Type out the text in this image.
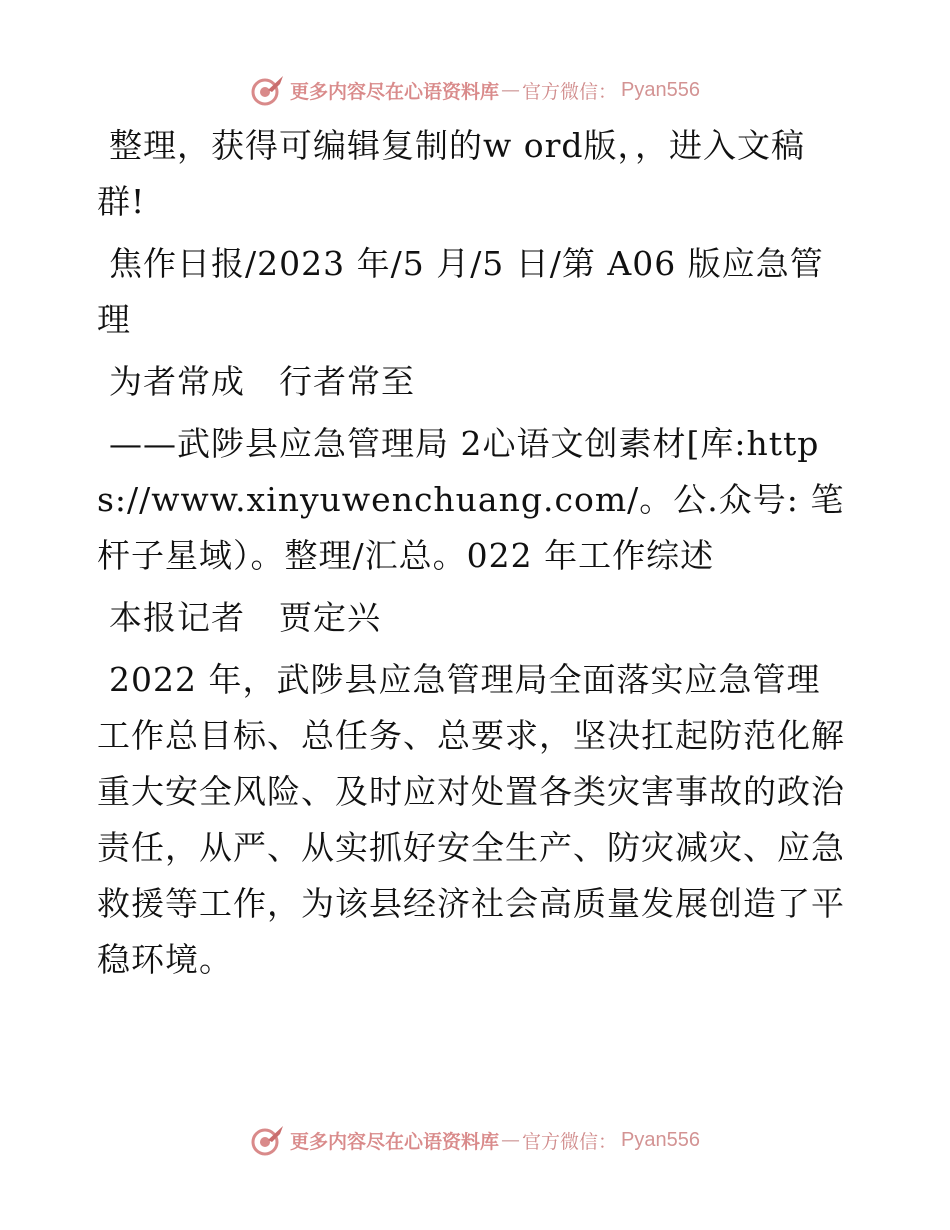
更多内容尽在心语资料库 — 官方微信： Pyan556

整理，获得可编辑复制的w ord版，，进入文稿群!

焦作日报/2023 年/5 月/5 日/第 A06 版应急管理

为者常成　行者常至

——武陟县应急管理局 2心语文创素材[库:https://www.xinyuwenchuang.com/。公.众号: 笔杆子星域）。整理/汇总。022 年工作综述

本报记者　贾定兴

2022 年，武陟县应急管理局全面落实应急管理工作总目标、总任务、总要求，坚决扛起防范化解重大安全风险、及时应对处置各类灾害事故的政治责任，从严、从实抓好安全生产、防灾减灾、应急救援等工作，为该县经济社会高质量发展创造了平稳环境。

更多内容尽在心语资料库 — 官方微信： Pyan556
